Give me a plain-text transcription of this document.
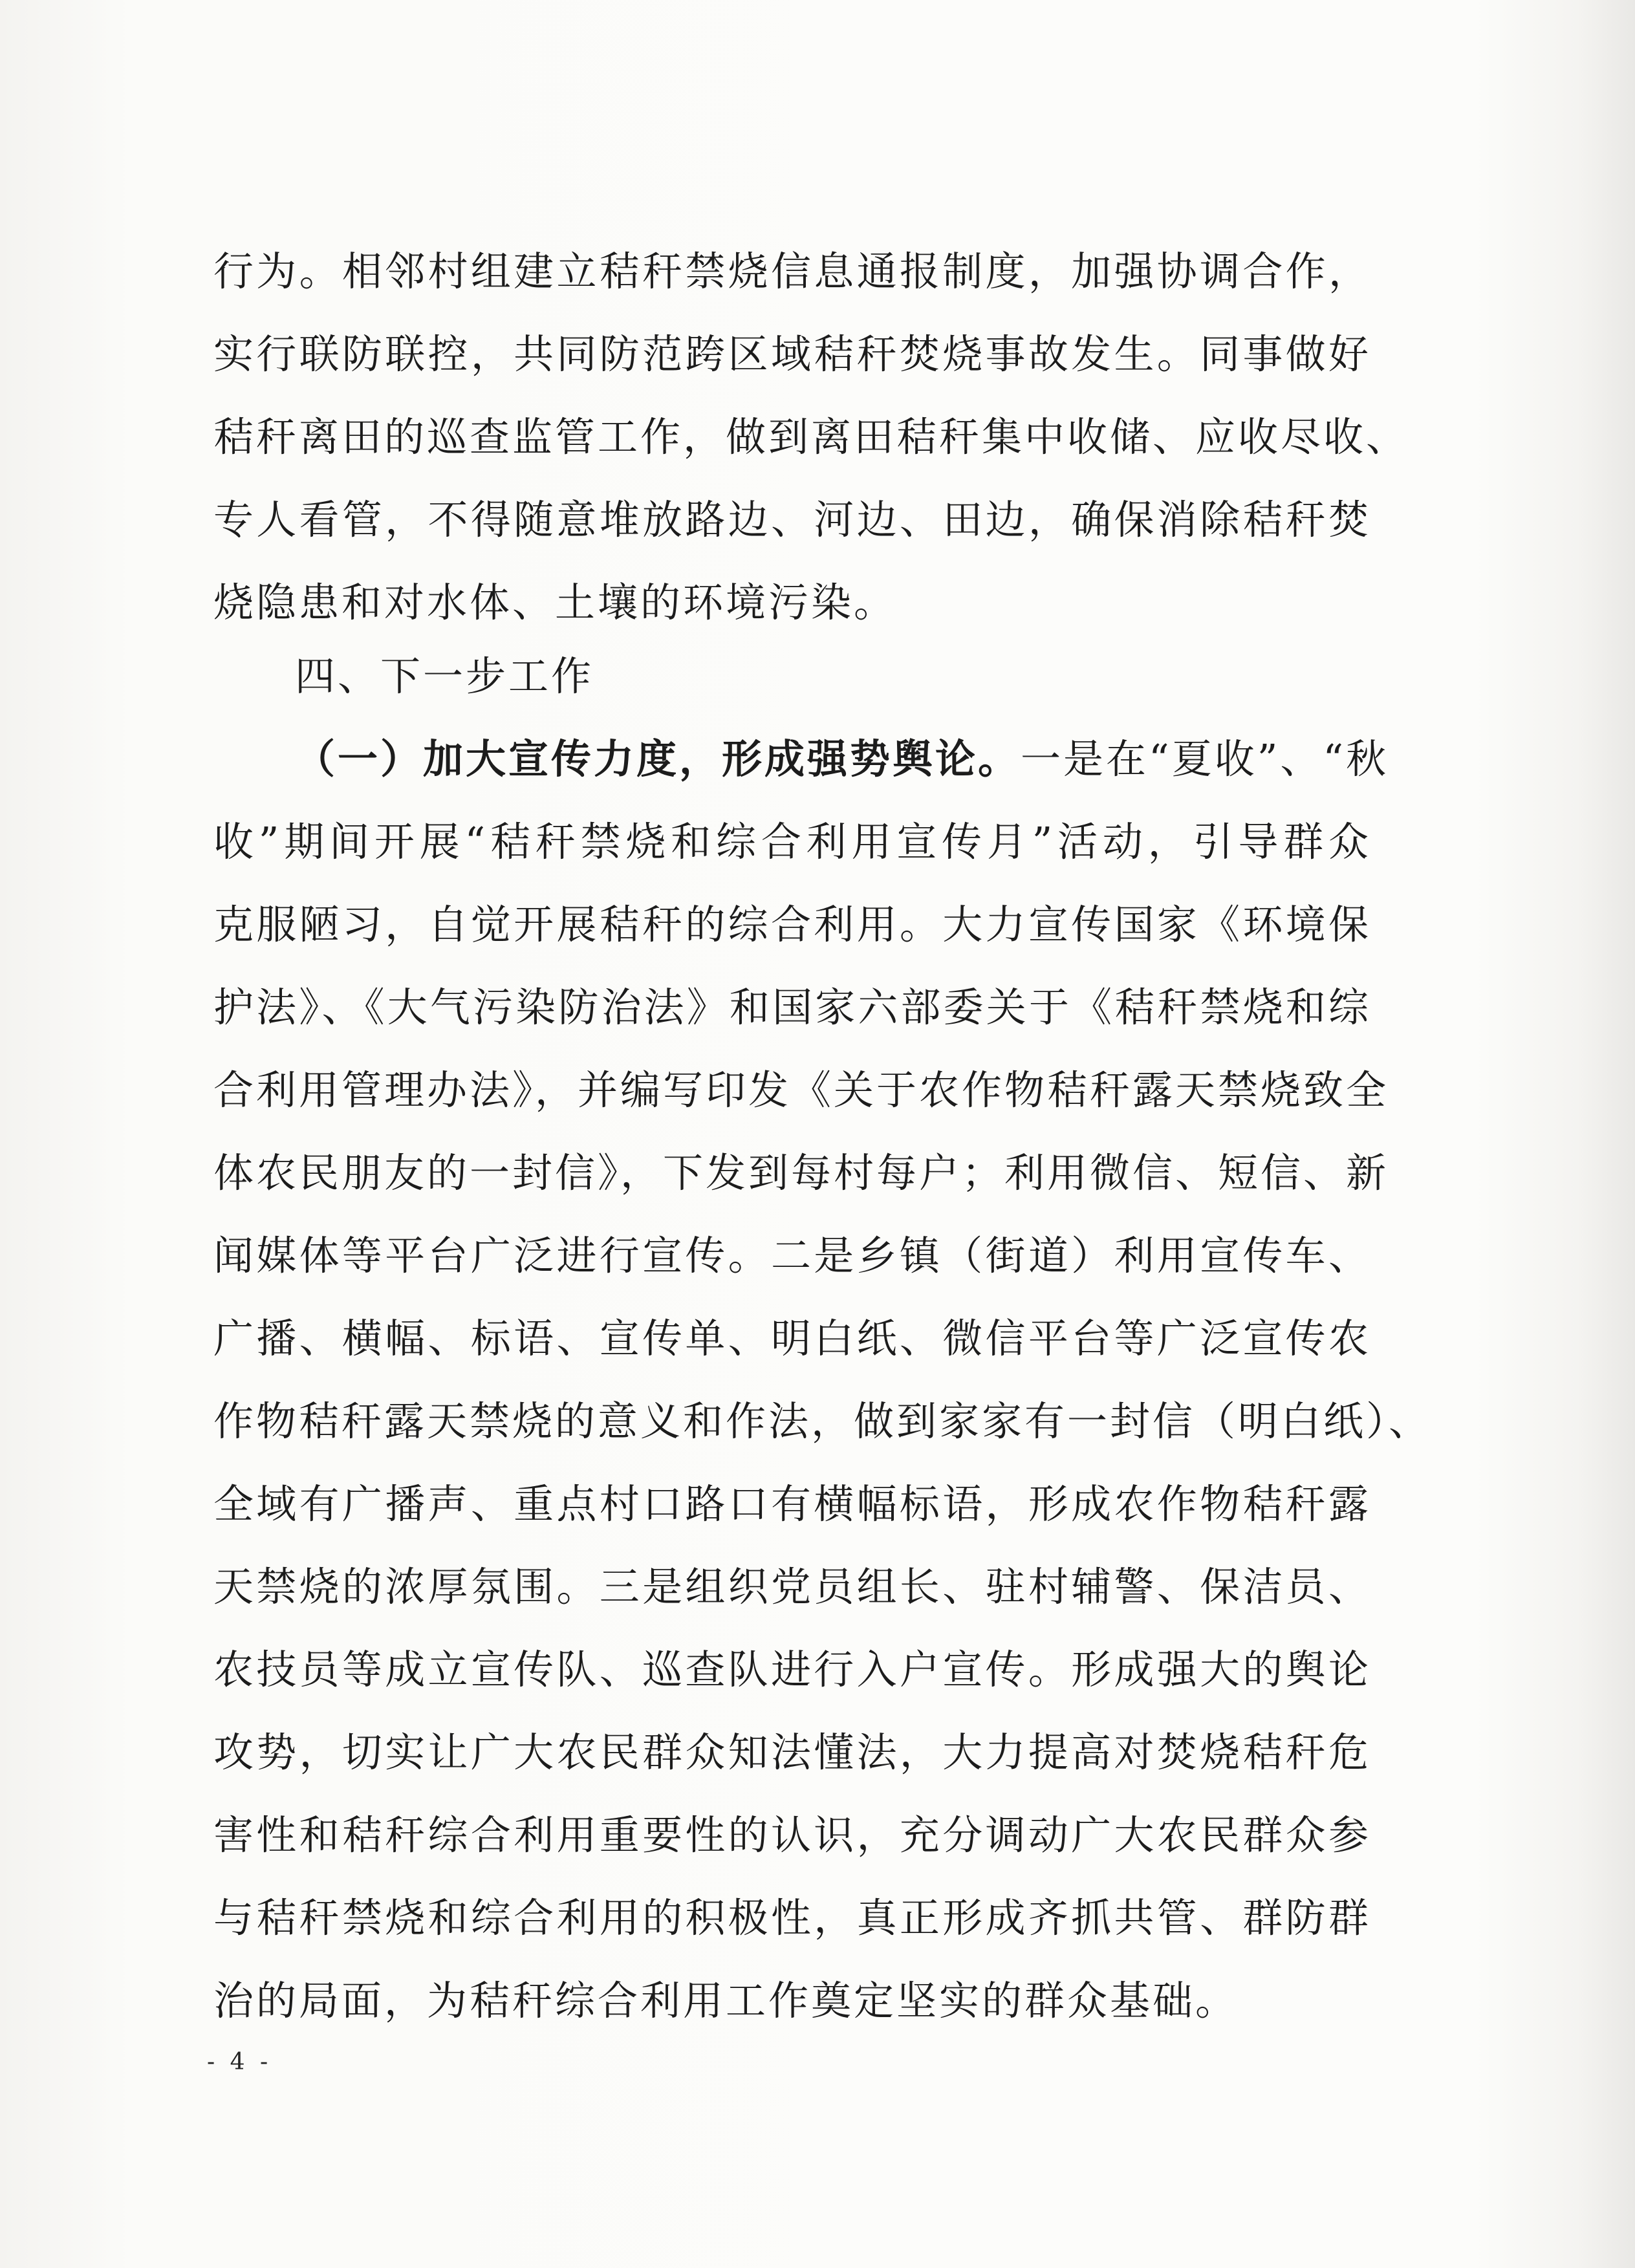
行为。相邻村组建立秸秆禁烧信息通报制度，加强协调合作，
实行联防联控，共同防范跨区域秸秆焚烧事故发生。同事做好
秸秆离田的巡查监管工作，做到离田秸秆集中收储、应收尽收、
专人看管，不得随意堆放路边、河边、田边，确保消除秸秆焚
烧隐患和对水体、土壤的环境污染。
四、下一步工作
（一）加大宣传力度，形成强势舆论。一是在“夏收”、“秋
收”期间开展“秸秆禁烧和综合利用宣传月”活动，引导群众
克服陋习，自觉开展秸秆的综合利用。大力宣传国家《环境保
护法》、《大气污染防治法》和国家六部委关于《秸秆禁烧和综
合利用管理办法》，并编写印发《关于农作物秸秆露天禁烧致全
体农民朋友的一封信》，下发到每村每户；利用微信、短信、新
闻媒体等平台广泛进行宣传。二是乡镇（街道）利用宣传车、
广播、横幅、标语、宣传单、明白纸、微信平台等广泛宣传农
作物秸秆露天禁烧的意义和作法，做到家家有一封信（明白纸）、
全域有广播声、重点村口路口有横幅标语，形成农作物秸秆露
天禁烧的浓厚氛围。三是组织党员组长、驻村辅警、保洁员、
农技员等成立宣传队、巡查队进行入户宣传。形成强大的舆论
攻势，切实让广大农民群众知法懂法，大力提高对焚烧秸秆危
害性和秸秆综合利用重要性的认识，充分调动广大农民群众参
与秸秆禁烧和综合利用的积极性，真正形成齐抓共管、群防群
治的局面，为秸秆综合利用工作奠定坚实的群众基础。
- 4 -
